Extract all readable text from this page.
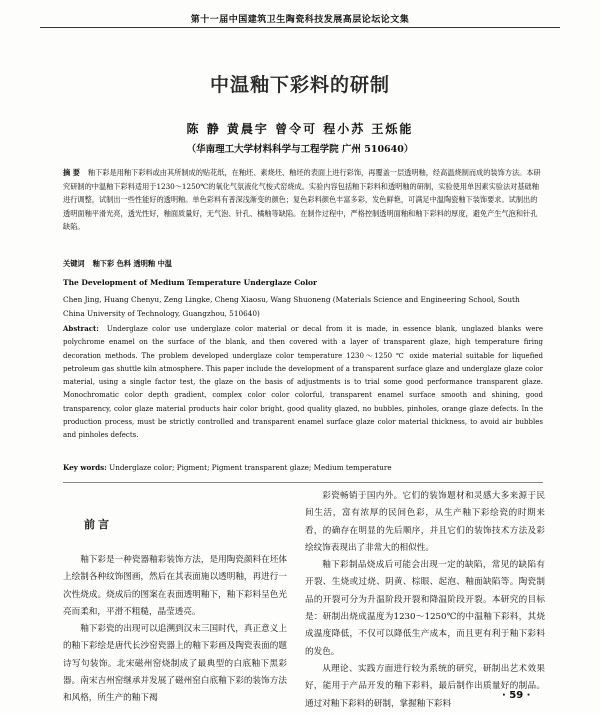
第十一届中国建筑卫生陶瓷科技发展高层论坛论文集
中温釉下彩料的研制
陈 静 黄晨宇 曾令可 程小苏 王烁能
（华南理工大学材料科学与工程学院 广州 510640）
摘 要 釉下彩是用釉下彩料或由其所制成的贴花纸，在釉坯、素烧坯、釉坯的表面上进行彩饰，再覆盖一层透明釉，经高温烧制而成的装饰方法。本研究研制的中温釉下彩料适用于1230～1250℃的氧化气氛液化气梭式窑烧成。实验内容包括釉下彩料和透明釉的研制，实验使用单因素实验法对基础釉进行调整，试制出一些性能好的透明釉。单色彩料有普深浅渐变的颜色；复色彩料颜色丰富多彩，发色鲜艳，可满足中温陶瓷釉下装饰要求。试制出的透明面釉平滑光亮，透光性好，釉面质量好，无气泡、针孔、橘釉等缺陷。在制作过程中，严格控制透明面釉和釉下彩料的厚度，避免产生气泡和针孔缺陷。
关键词 釉下彩 色料 透明釉 中温
The Development of Medium Temperature Underglaze Color
Chen Jing, Huang Chenyu, Zeng Lingke, Cheng Xiaosu, Wang Shuoneng (Materials Science and Engineering School, South China University of Technology, Guangzhou, 510640)
Abstract: Underglaze color use underglaze color material or decal from it is made, in essence blank, unglazed blanks were polychrome enamel on the surface of the blank, and then covered with a layer of transparent glaze, high temperature firing decoration methods. The problem developed underglaze color temperature 1230～1250 ℃ oxide material suitable for liquefied petroleum gas shuttle kiln atmosphere. This paper include the development of a transparent surface glaze and underglaze glaze color material, using a single factor test, the glaze on the basis of adjustments is to trial some good performance transparent glaze. Monochromatic color depth gradient, complex color color colorful, transparent enamel surface smooth and shining, good transparency, color glaze material products hair color bright, good quality glazed, no bubbles, pinholes, orange glaze defects. In the production process, must be strictly controlled and transparent enamel surface glaze color material thickness, to avoid air bubbles and pinholes defects.
Key words: Underglaze color; Pigment; Pigment transparent glaze; Medium temperature
前言

釉下彩是一种瓷器釉彩装饰方法，是用陶瓷颜料在坯体上绘制各种纹饰图画，然后在其表面施以透明釉，再进行一次性烧成。烧成后的图案在表面透明釉下，釉下彩料呈色光亮而柔和，平滑不粗糙，晶莹透亮。

釉下彩瓷的出现可以追溯到汉末三国时代，真正意义上的釉下彩绘是唐代长沙窑瓷器上的釉下彩画及陶瓷表面的题诗写句装饰。北宋磁州窑烧制成了最典型的白底釉下黑彩器。南宋吉州窑继承并发展了磁州窑白底釉下彩的装饰方法和风格，所生产的釉下褐

彩瓷畅销于国内外。它们的装饰题材和灵感大多来源于民间生活，富有浓厚的民间色彩，从生产釉下彩绘瓷的时期来看，的确存在明显的先后顺序，并且它们的装饰技术方法及彩绘纹饰表现出了非常大的相似性。

釉下彩制品烧成后可能会出现一定的缺陷，常见的缺陷有开裂、生烧或过烧、阴黄、棕眼、起泡、釉面缺陷等。陶瓷制品的开裂可分为升温阶段开裂和降温阶段开裂。本研究的目标是：研制出烧成温度为1230～1250℃的中温釉下彩料，其烧成温度降低，不仅可以降低生产成本，而且更有利于釉下彩料的发色。

从理论、实践方面进行较为系统的研究，研制出艺术效果好，能用于产品开发的釉下彩料，最后制作出质量好的制品。通过对釉下彩料的研制，掌握釉下彩料

· 59 ·
